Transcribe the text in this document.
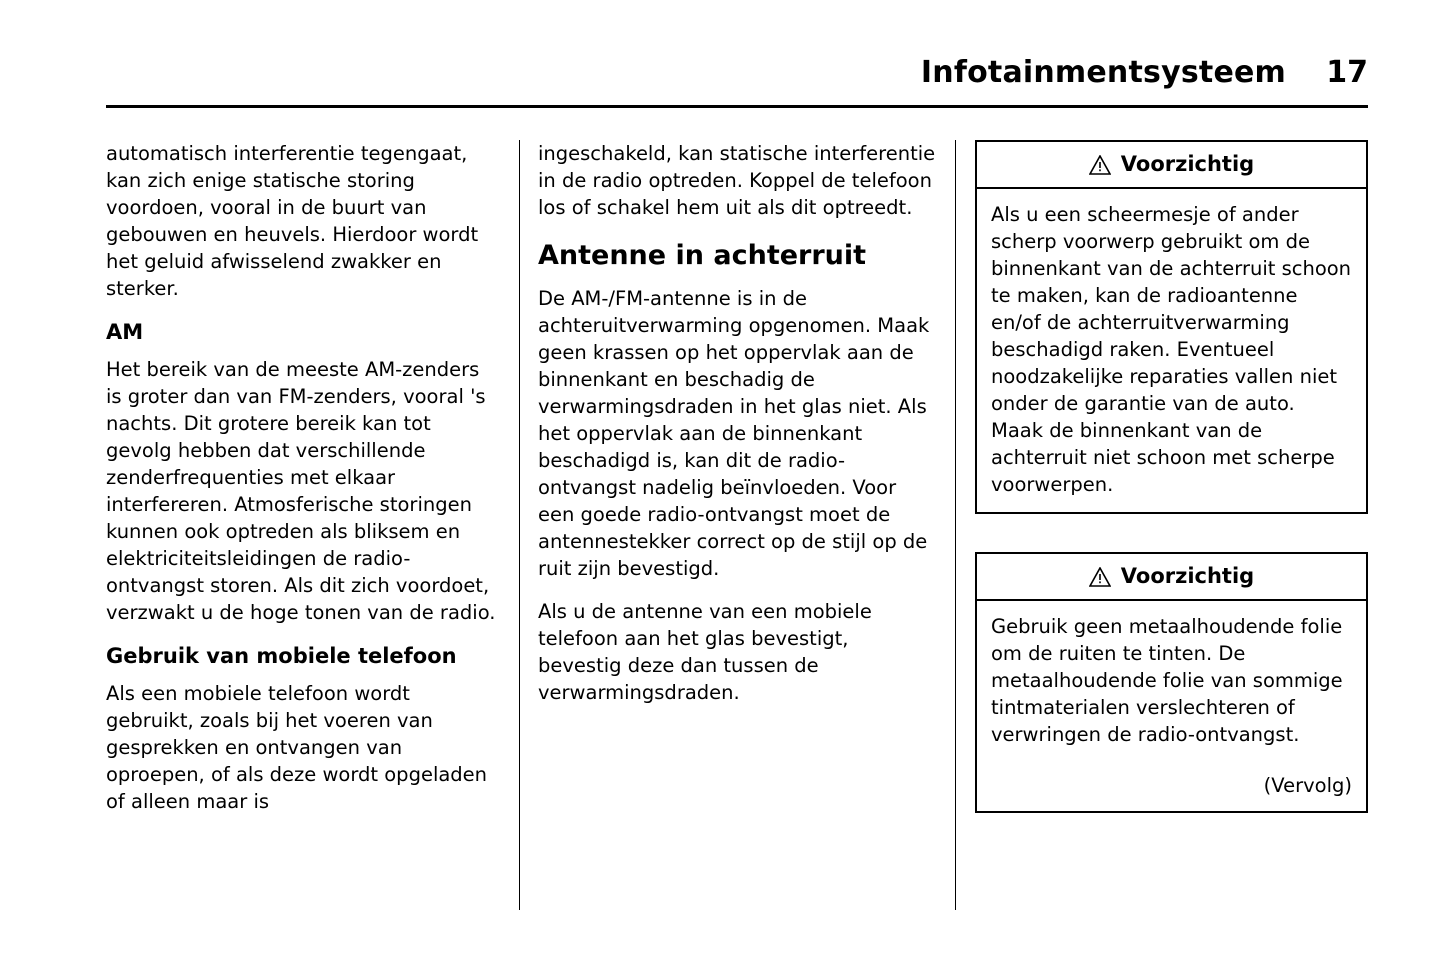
Infotainmentsysteem 17

automatisch interferentie tegengaat, kan zich enige statische storing voordoen, vooral in de buurt van gebouwen en heuvels. Hierdoor wordt het geluid afwisselend zwakker en sterker.

AM

Het bereik van de meeste AM-zenders is groter dan van FM-zenders, vooral 's nachts. Dit grotere bereik kan tot gevolg hebben dat verschillende zenderfrequenties met elkaar interfereren. Atmosferische storingen kunnen ook optreden als bliksem en elektriciteitsleidingen de radio-ontvangst storen. Als dit zich voordoet, verzwakt u de hoge tonen van de radio.

Gebruik van mobiele telefoon

Als een mobiele telefoon wordt gebruikt, zoals bij het voeren van gesprekken en ontvangen van oproepen, of als deze wordt opgeladen of alleen maar is

ingeschakeld, kan statische interferentie in de radio optreden. Koppel de telefoon los of schakel hem uit als dit optreedt.

Antenne in achterruit

De AM-/FM-antenne is in de achteruitverwarming opgenomen. Maak geen krassen op het oppervlak aan de binnenkant en beschadig de verwarmingsdraden in het glas niet. Als het oppervlak aan de binnenkant beschadigd is, kan dit de radio-ontvangst nadelig beïnvloeden. Voor een goede radio-ontvangst moet de antennestekker correct op de stijl op de ruit zijn bevestigd.

Als u de antenne van een mobiele telefoon aan het glas bevestigt, bevestig deze dan tussen de verwarmingsdraden.

Voorzichtig

Als u een scheermesje of ander scherp voorwerp gebruikt om de binnenkant van de achterruit schoon te maken, kan de radioantenne en/of de achterruitverwarming beschadigd raken. Eventueel noodzakelijke reparaties vallen niet onder de garantie van de auto. Maak de binnenkant van de achterruit niet schoon met scherpe voorwerpen.

Voorzichtig

Gebruik geen metaalhoudende folie om de ruiten te tinten. De metaalhoudende folie van sommige tintmaterialen verslechteren of verwringen de radio-ontvangst.

(Vervolg)
